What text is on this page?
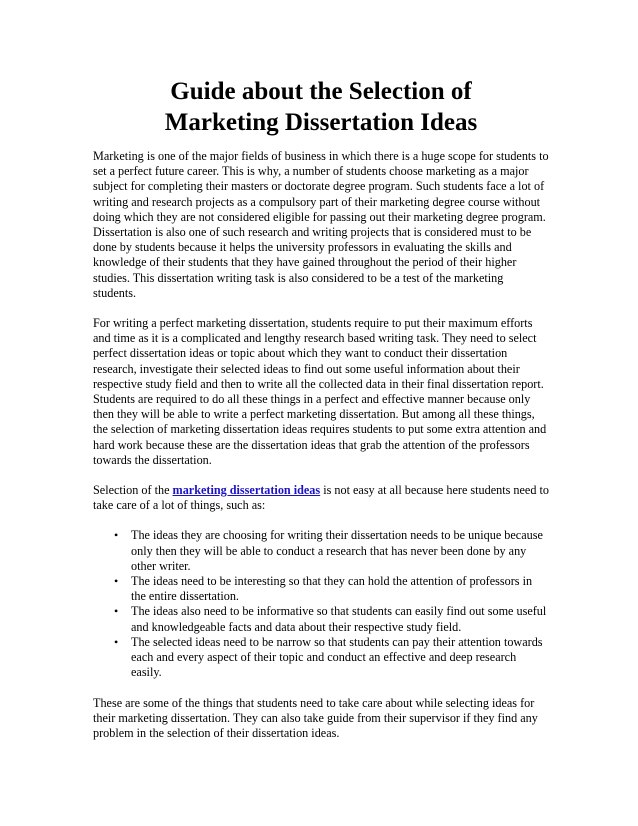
Guide about the Selection of
Marketing Dissertation Ideas

Marketing is one of the major fields of business in which there is a huge scope for students to set a perfect future career. This is why, a number of students choose marketing as a major subject for completing their masters or doctorate degree program. Such students face a lot of writing and research projects as a compulsory part of their marketing degree course without doing which they are not considered eligible for passing out their marketing degree program. Dissertation is also one of such research and writing projects that is considered must to be done by students because it helps the university professors in evaluating the skills and knowledge of their students that they have gained throughout the period of their higher studies. This dissertation writing task is also considered to be a test of the marketing students.

For writing a perfect marketing dissertation, students require to put their maximum efforts and time as it is a complicated and lengthy research based writing task. They need to select perfect dissertation ideas or topic about which they want to conduct their dissertation research, investigate their selected ideas to find out some useful information about their respective study field and then to write all the collected data in their final dissertation report. Students are required to do all these things in a perfect and effective manner because only then they will be able to write a perfect marketing dissertation. But among all these things, the selection of marketing dissertation ideas requires students to put some extra attention and hard work because these are the dissertation ideas that grab the attention of the professors towards the dissertation.

Selection of the marketing dissertation ideas is not easy at all because here students need to take care of a lot of things, such as:

• The ideas they are choosing for writing their dissertation needs to be unique because only then they will be able to conduct a research that has never been done by any other writer.
• The ideas need to be interesting so that they can hold the attention of professors in the entire dissertation.
• The ideas also need to be informative so that students can easily find out some useful and knowledgeable facts and data about their respective study field.
• The selected ideas need to be narrow so that students can pay their attention towards each and every aspect of their topic and conduct an effective and deep research easily.

These are some of the things that students need to take care about while selecting ideas for their marketing dissertation. They can also take guide from their supervisor if they find any problem in the selection of their dissertation ideas.
